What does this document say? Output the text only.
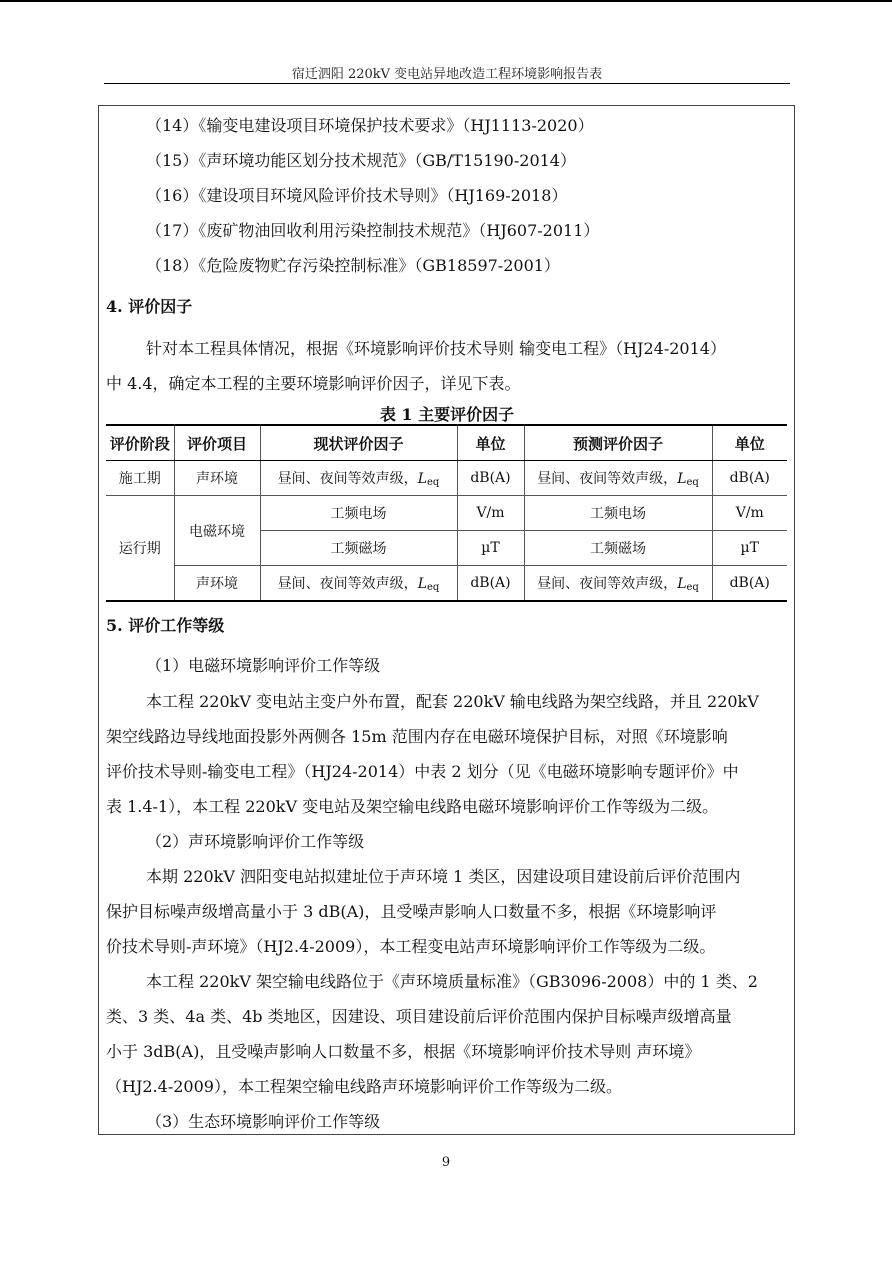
宿迁泗阳 220kV 变电站异地改造工程环境影响报告表
（14）《输变电建设项目环境保护技术要求》（HJ1113-2020）
（15）《声环境功能区划分技术规范》（GB/T15190-2014）
（16）《建设项目环境风险评价技术导则》（HJ169-2018）
（17）《废矿物油回收利用污染控制技术规范》（HJ607-2011）
（18）《危险废物贮存污染控制标准》（GB18597-2001）
4. 评价因子
针对本工程具体情况，根据《环境影响评价技术导则 输变电工程》（HJ24-2014）
中 4.4，确定本工程的主要环境影响评价因子，详见下表。
表 1 主要评价因子
评价阶段	评价项目	现状评价因子	单位	预测评价因子	单位
施工期	声环境	昼间、夜间等效声级，Leq	dB(A)	昼间、夜间等效声级，Leq	dB(A)
运行期	电磁环境	工频电场	V/m	工频电场	V/m
		工频磁场	µT	工频磁场	µT
	声环境	昼间、夜间等效声级，Leq	dB(A)	昼间、夜间等效声级，Leq	dB(A)
5. 评价工作等级
（1）电磁环境影响评价工作等级
本工程 220kV 变电站主变户外布置，配套 220kV 输电线路为架空线路，并且 220kV
架空线路边导线地面投影外两侧各 15m 范围内存在电磁环境保护目标，对照《环境影响
评价技术导则-输变电工程》（HJ24-2014）中表 2 划分（见《电磁环境影响专题评价》中
表 1.4-1），本工程 220kV 变电站及架空输电线路电磁环境影响评价工作等级为二级。
（2）声环境影响评价工作等级
本期 220kV 泗阳变电站拟建址位于声环境 1 类区，因建设项目建设前后评价范围内
保护目标噪声级增高量小于 3 dB(A)，且受噪声影响人口数量不多，根据《环境影响评
价技术导则-声环境》（HJ2.4-2009），本工程变电站声环境影响评价工作等级为二级。
本工程 220kV 架空输电线路位于《声环境质量标准》（GB3096-2008）中的 1 类、2
类、3 类、4a 类、4b 类地区，因建设、项目建设前后评价范围内保护目标噪声级增高量
小于 3dB(A)，且受噪声影响人口数量不多，根据《环境影响评价技术导则 声环境》
（HJ2.4-2009），本工程架空输电线路声环境影响评价工作等级为二级。
（3）生态环境影响评价工作等级
9
